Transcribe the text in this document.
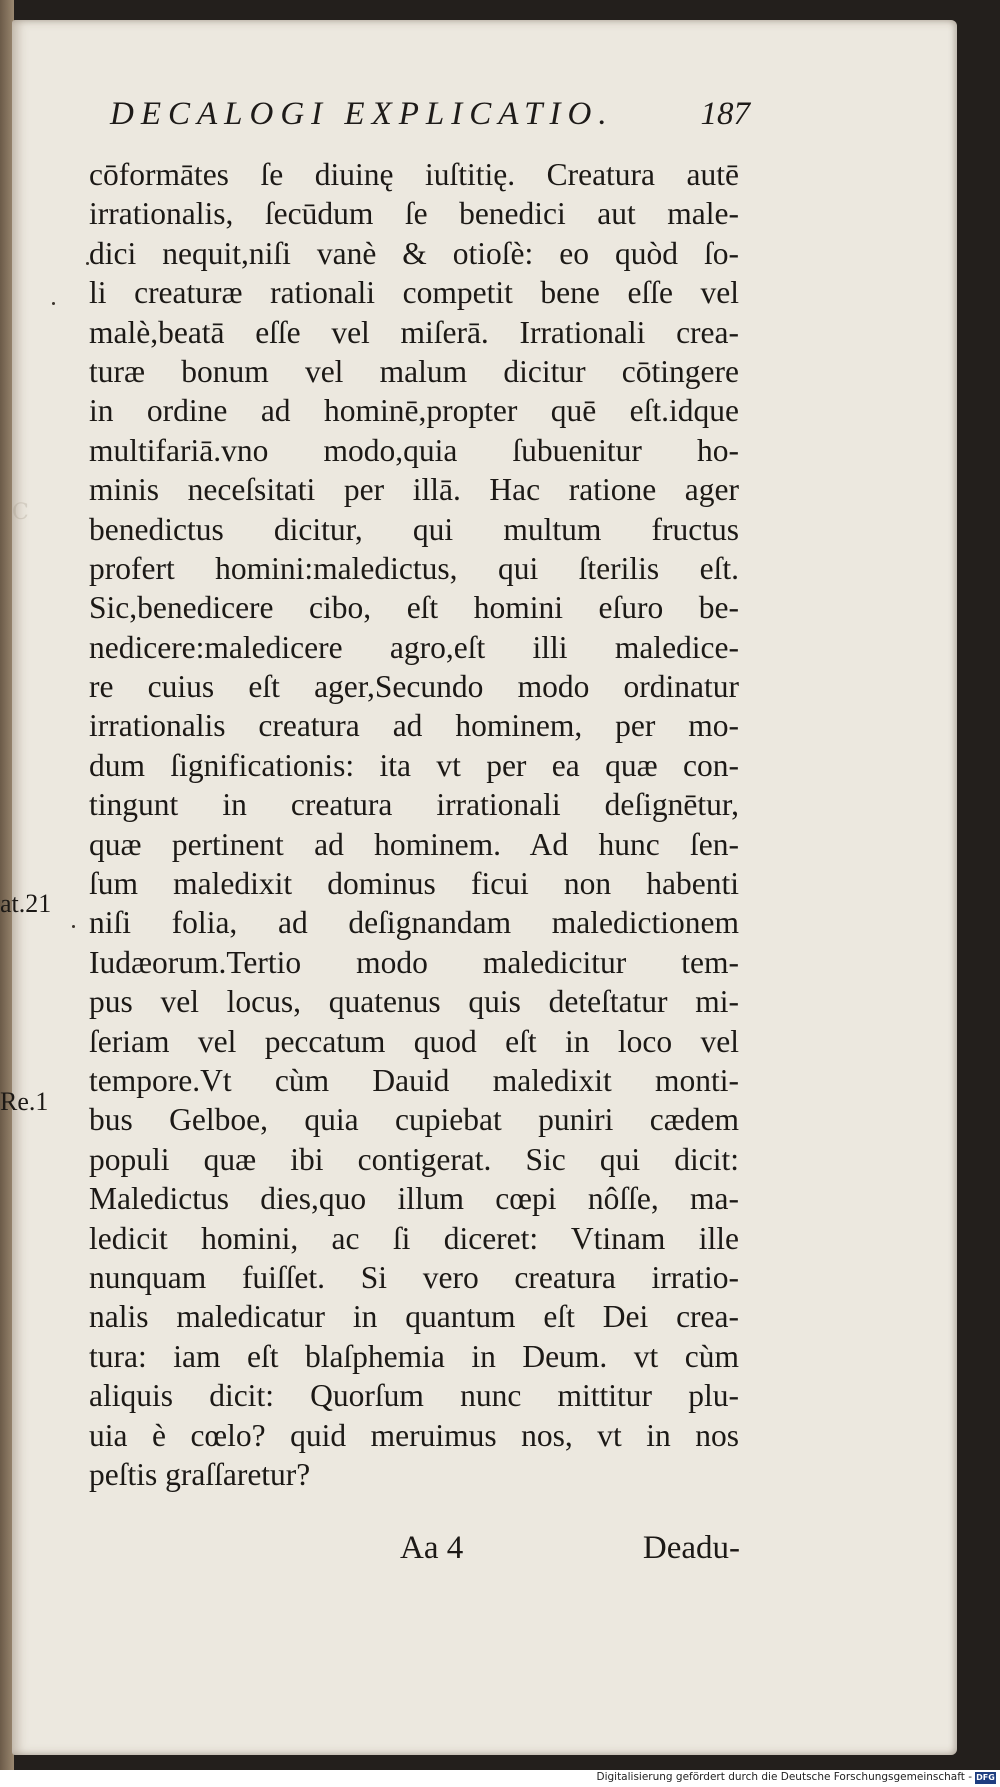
C
DECALOGI EXPLICATIO.	187
cōformātes ſe diuinę iuſtitię. Creatura autē
irrationalis, ſecūdum ſe benedici aut male-
dici nequit,niſi vanè & otioſè: eo quòd ſo-
li creaturæ rationali competit bene eſſe vel
malè,beatā eſſe vel miſerā. Irrationali crea-
turæ bonum vel malum dicitur cōtingere
in ordine ad hominē,propter quē eſt.idque
multifariā.vno modo,quia ſubuenitur ho-
minis neceſsitati per illā. Hac ratione ager
benedictus dicitur, qui multum fructus
profert homini:maledictus, qui ſterilis eſt.
Sic,benedicere cibo, eſt homini eſuro be-
nedicere:maledicere agro,eſt illi maledice-
re cuius eſt ager,Secundo modo ordinatur
irrationalis creatura ad hominem, per mo-
dum ſignificationis: ita vt per ea quæ con-
tingunt in creatura irrationali deſignētur,
quæ pertinent ad hominem. Ad hunc ſen-
ſum maledixit dominus ficui non habenti
niſi folia, ad deſignandam maledictionem
Iudæorum.Tertio modo maledicitur tem-
pus vel locus, quatenus quis deteſtatur mi-
ſeriam vel peccatum quod eſt in loco vel
tempore.Vt cùm Dauid maledixit monti-
bus Gelboe, quia cupiebat puniri cædem
populi quæ ibi contigerat. Sic qui dicit:
Maledictus dies,quo illum cœpi nôſſe, ma-
ledicit homini, ac ſi diceret: Vtinam ille
nunquam fuiſſet. Si vero creatura irratio-
nalis maledicatur in quantum eſt Dei crea-
tura: iam eſt blaſphemia in Deum. vt cùm
aliquis dicit: Quorſum nunc mittitur plu-
uia è cœlo? quid meruimus nos, vt in nos
peſtis graſſaretur?
at.21
Re.1
Aa 4	Deadu-
Digitalisierung gefördert durch die Deutsche Forschungsgemeinschaft - DFG
